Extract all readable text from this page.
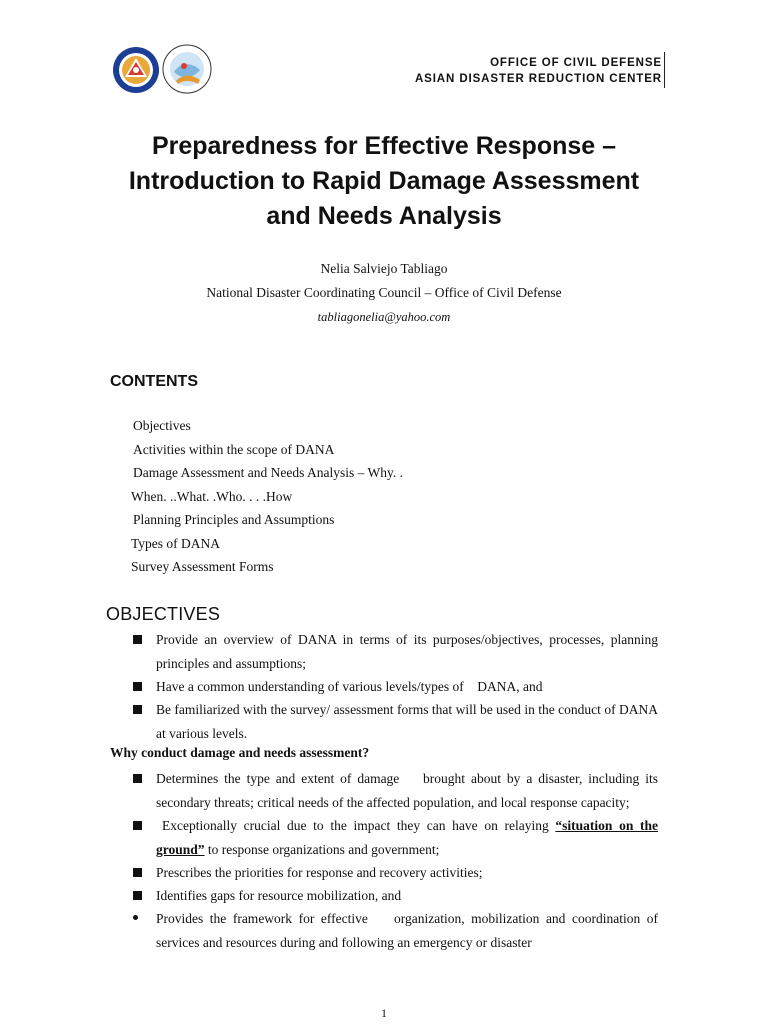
OFFICE OF CIVIL DEFENSE
ASIAN DISASTER REDUCTION CENTER
Preparedness for Effective Response –
Introduction to Rapid Damage Assessment
and Needs Analysis
Nelia Salviejo Tabliago
National Disaster Coordinating Council – Office of Civil Defense
tabliagonelia@yahoo.com
CONTENTS
Objectives
Activities within the scope of DANA
Damage Assessment and Needs Analysis – Why. .
When. ..What. .Who. . . .How
Planning Principles and Assumptions
Types of DANA
Survey Assessment Forms
OBJECTIVES
Provide an overview of DANA in terms of its purposes/objectives, processes, planning principles and assumptions;
Have a common understanding of various levels/types of    DANA, and
Be familiarized with the survey/ assessment forms that will be used in the conduct of DANA at various levels.
Why conduct damage and needs assessment?
Determines the type and extent of damage    brought about by a disaster, including its secondary threats; critical needs of the affected population, and local response capacity;
Exceptionally crucial due to the impact they can have on relaying “situation on the ground” to response organizations and government;
Prescribes the priorities for response and recovery activities;
Identifies gaps for resource mobilization, and
Provides the framework for effective    organization, mobilization and coordination of services and resources during and following an emergency or disaster
1
